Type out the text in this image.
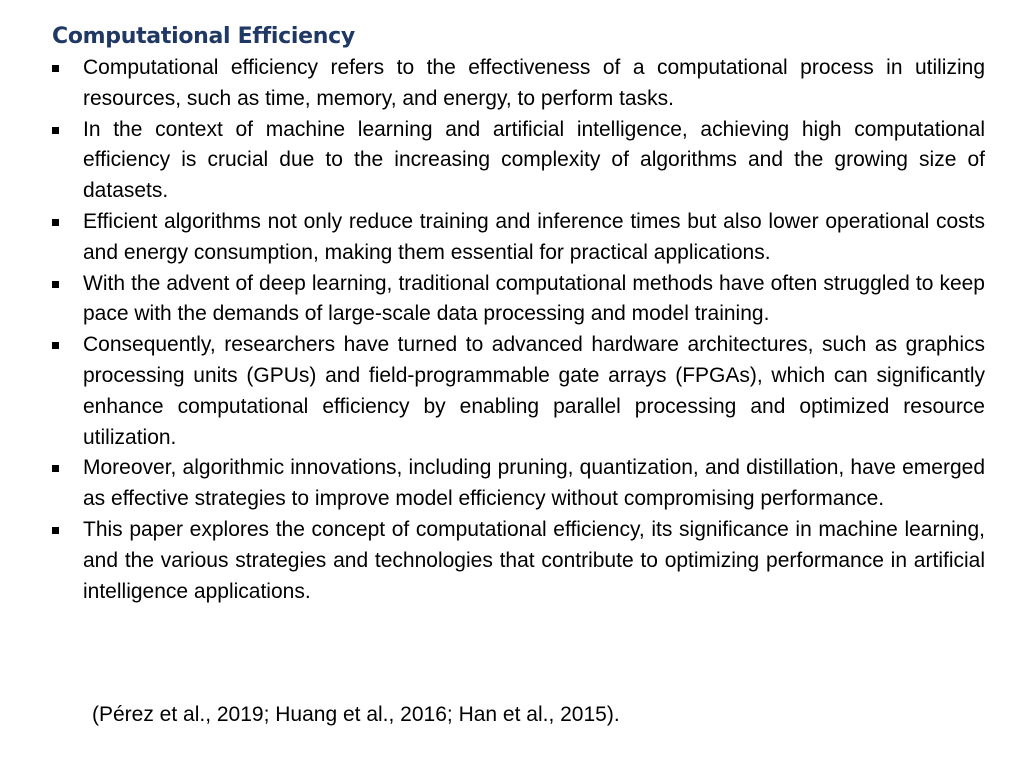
Computational Efficiency
Computational efficiency refers to the effectiveness of a computational process in utilizing resources, such as time, memory, and energy, to perform tasks.
In the context of machine learning and artificial intelligence, achieving high computational efficiency is crucial due to the increasing complexity of algorithms and the growing size of datasets.
Efficient algorithms not only reduce training and inference times but also lower operational costs and energy consumption, making them essential for practical applications.
With the advent of deep learning, traditional computational methods have often struggled to keep pace with the demands of large-scale data processing and model training.
Consequently, researchers have turned to advanced hardware architectures, such as graphics processing units (GPUs) and field-programmable gate arrays (FPGAs), which can significantly enhance computational efficiency by enabling parallel processing and optimized resource utilization.
Moreover, algorithmic innovations, including pruning, quantization, and distillation, have emerged as effective strategies to improve model efficiency without compromising performance.
This paper explores the concept of computational efficiency, its significance in machine learning, and the various strategies and technologies that contribute to optimizing performance in artificial intelligence applications.
(Pérez et al., 2019; Huang et al., 2016; Han et al., 2015).
